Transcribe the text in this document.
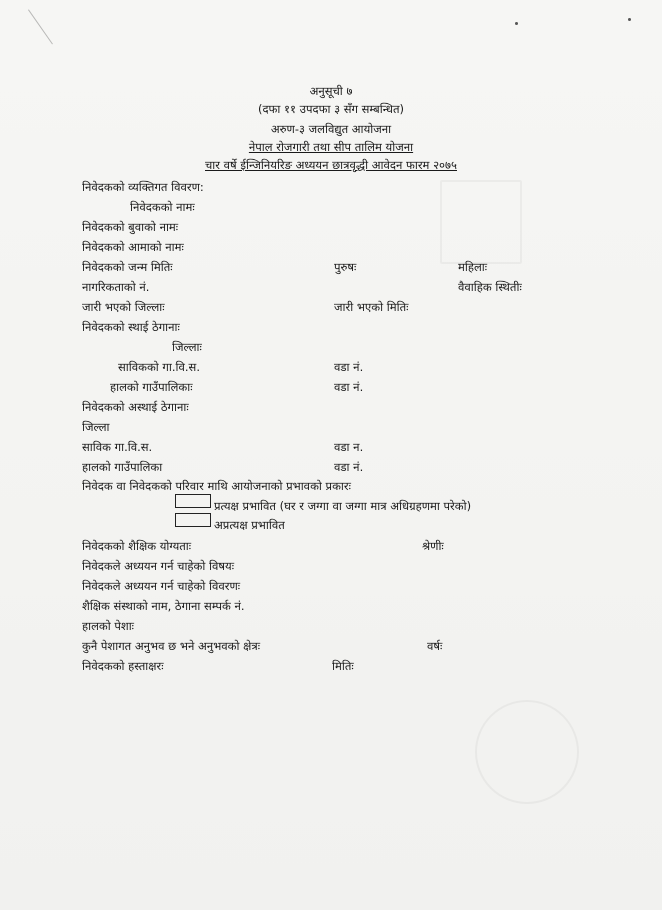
अनुसूची ७
(दफा ११ उपदफा ३ सँग सम्बन्धित)
अरुण-३ जलविद्युत आयोजना
नेपाल रोजगारी तथा सीप तालिम योजना
चार वर्षे ईन्जिनियरिङ अध्ययन छात्रवृद्धी आवेदन फारम २०७५
निवेदकको व्यक्तिगत विवरण:
निवेदकको नामः
निवेदकको बुवाको नामः
निवेदकको आमाको नामः
निवेदकको जन्म मितिः	पुरुषः	महिलाः
नागरिकताको नं.	वैवाहिक स्थितीः
जारी भएको जिल्लाः	जारी भएको मितिः
निवेदकको स्थाई ठेगानाः
जिल्लाः
साविकको गा.वि.स.	वडा नं.
हालको गाउँपालिकाः	वडा नं.
निवेदकको अस्थाई ठेगानाः
जिल्ला
साविक गा.वि.स.	वडा न.
हालको गाउँपालिका	वडा नं.
निवेदक वा निवेदकको परिवार माथि आयोजनाको प्रभावको प्रकारः
प्रत्यक्ष प्रभावित (घर र जग्गा वा जग्गा मात्र अधिग्रहणमा परेको)
अप्रत्यक्ष प्रभावित
निवेदकको शैक्षिक योग्यताः	श्रेणीः
निवेदकले अध्ययन गर्न चाहेको विषयः
निवेदकले अध्ययन गर्न चाहेको विवरणः
शैक्षिक संस्थाको नाम, ठेगाना सम्पर्क नं.
हालको पेशाः
कुनै पेशागत अनुभव छ भने अनुभवको क्षेत्रः	वर्षः
निवेदकको हस्ताक्षरः	मितिः
